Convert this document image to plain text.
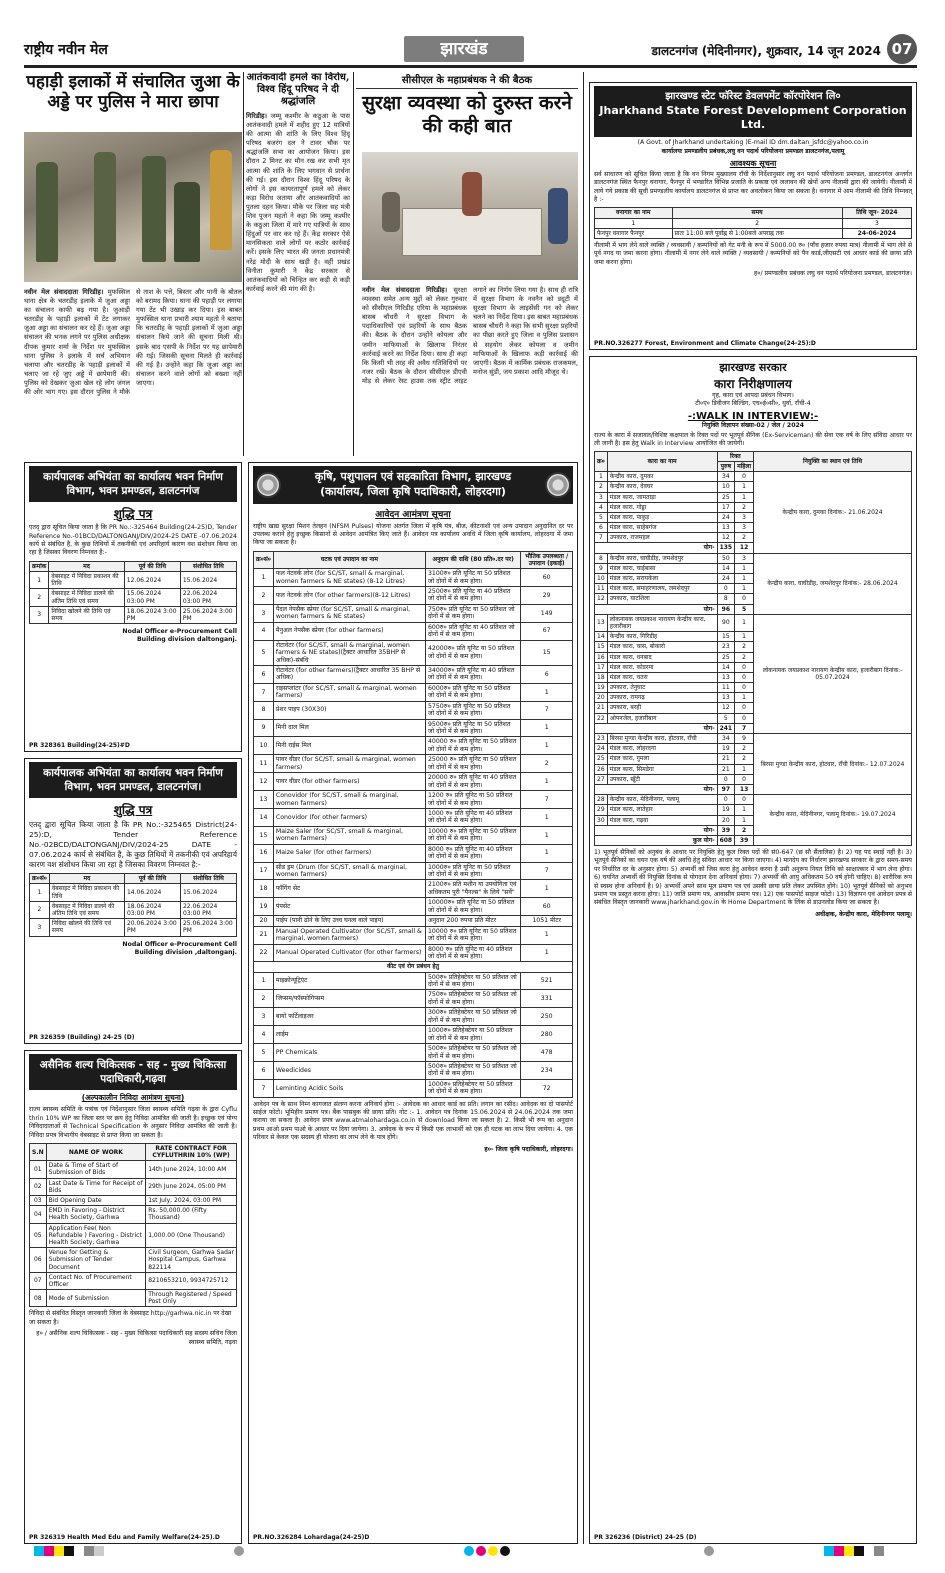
राष्ट्रीय नवीन मेल	झारखंड	डालटनगंज (मेदिनीनगर), शुक्रवार, 14 जून 2024 07
पहाड़ी इलाकों में संचालित जुआ के अड्डे पर पुलिस ने मारा छापा
नवीन मेल संवाददाता गिरिडीह। मुफस्सिल थाना क्षेत्र के चतरडीह इलाके में जुआ अड्डा का संचालन काफी बढ़ गया है। जुआड़ी चतरडीह के पहाड़ी इलाकों में टेंट लगाकर जुआ अड्डा का संचालन कर रहे हैं। जुआ अड्डा संचालन की भनक लगने पर पुलिस अधीक्षक दीपक कुमार शर्मा के निर्देश पर मुफस्सिल थाना पुलिस ने इलाके में सर्च अभियान चलाया और चतरडीह के पहाड़ी इलाकों में चलाए जा रहे जुए अड्डे में छापेमारी की। पुलिस को देखकर जुआ खेल रहे लोग जंगल की ओर भाग गए। इस दौरान पुलिस ने मौके से ताश के पत्ते, बिस्तर और पानी के बोतल को बरामद किया। थाना की पहाड़ी पर लगाया गया टेंट भी उखाड़ कर दिया। इस बाबत मुफस्सिल थाना प्रभारी श्याम महतो ने बताया कि चतरडीह के पहाड़ी इलाकों में जुआ अड्डा संचालन किये जाने की सूचना मिली थी। इसके बाद एसपी के निर्देश पर यह छापेमारी की गई। जिसकी सूचना मिलते ही कार्रवाई की गई है। उन्होंने कहा कि जुआ अड्डा का संचालन करने वाले लोगों को बख्शा नहीं जाएगा।
आतंकवादी हमले का विरोध, विश्व हिंदू परिषद ने दी श्रद्धांजलि
गिरिडीह। जम्मू कश्मीर के कठुआ के पास आतंकवादी हमले में शहीद हुए 12 यात्रियों की आत्मा की शांति के लिए विश्व हिंदू परिषद बजरंग दल ने टावर चौक पर श्रद्धांजलि सभा का आयोजन किया। इस दौरान 2 मिनट का मौन रख कर सभी मृत आत्मा की शांति के लिए भगवान से प्रार्थना की गई। इस दौरान विश्व हिंदू परिषद के लोगों ने इस कायरतापूर्ण हमले को लेकर कड़ा विरोध जताया और आतंकवादियों का पुतला दहन किया। मौके पर जिला सह मंत्री शिव पूजन महतो ने कहा कि जम्मू कश्मीर के कठुआ जिला में मारे गए यात्रियों के साथ हिंदुओं पर वार कर रहे हैं। केंद्र सरकार ऐसे मानसिकता वाले लोगों पर कठोर कार्रवाई करें। इसके लिए भारत की जनता प्रधानमंत्री नरेंद्र मोदी के साथ खड़ी है। वहीं प्रखंड विनीता कुमारी ने केंद्र सरकार से आतंकवादियों को चिन्हित कर कड़ी से कड़ी कार्रवाई करने की मांग की है।
सीसीएल के महाप्रबंधक ने की बैठक
सुरक्षा व्यवस्था को दुरुस्त करने की कही बात
नवीन मेल संवाददाता गिरिडीह। सुरक्षा व्यवस्था समेत अन्य मुद्दों को लेकर गुरुवार को सीसीएल गिरिडीह एरिया के महाप्रबंधक बासब चौधरी ने सुरक्षा विभाग के पदाधिकारियों एवं प्रहरियों के साथ बैठक की। बैठक के दौरान उन्होंने कोयला और जमीन माफियाओं के खिलाफ निरंतर कार्रवाई करने का निर्देश दिया। साथ ही कहा कि किसी भी तरह की अवैध गतिविधियों पर नजर रखें। बैठक के दौरान सीसीएल डीएवी मोड़ से लेकर रेस्ट हाउस तक स्ट्रीट लाइट लगाने का निर्णय लिया गया है। साथ ही रात्रि में सुरक्षा विभाग के नवनैन को ड्यूटी में सुरक्षा विभाग के लाइसेंसी गन को लेकर चलने का निर्देश दिया। इस बाबत महाप्रबंधक बासब चौधरी ने कहा कि सभी सुरक्षा प्रहरियों का पीछा करते हुए जिला व पुलिस प्रशासन से सहयोग लेकर कोयला व जमीन माफियाओं के खिलाफ कड़ी कार्रवाई की जाएगी। बैठक में कार्मिक प्रबंधक राजकमल, मनोज सुंडी, जय प्रकाश आदि मौजूद थे।
झारखण्ड स्टेट फॉरेस्ट डेवलपमेंट कॉरपोरेशन लि०
Jharkhand State Forest Development Corporation Ltd.
(A Govt. of Jharkhand undertaking )E-mail ID dm.daltan_jsfdc@yahoo.co.in
कार्यालयः प्रमण्डलीय प्रबंधक,लघु वन पदार्थ परियोजना प्रमण्डल डालटनगंज,पलामू
आवश्यक सूचना
सर्व साधारण को सूचित किया जाता है कि वन निगम मुख्यालय राँची के निर्देशानुसार लघु वन पदार्थ परियोजना प्रमण्डल, डालटनगंज अन्तर्गत डालटनगंज स्थित फैनपुर वनागार, फैनपुर में भण्डारित विभिन्न प्रजाति के प्रकाष्ठ एवं जलावन की खेपों अन्य नीलामी द्वारा की जायेगी। नीलामी में लाये गये प्रकाष्ठ की सूची प्रमण्डलीय कार्यालय डालटनगंज से प्राप्त कर अवलोकन किया जा सकता है। वनागार में आम नीलामी की तिथि निम्नवत् है :-
वनागार का नाम	समय	तिथि जून- 2024
1	2	3
फैनपुर वनागार फैनपुर	प्रातः 11:00 बजे पूर्वाह्न से 1:00बजे अपराह्न तक	24-06-2024
नीलामी में भाग लेने वाले व्यक्ति / व्यवसायी / कम्पनियों को गेट मनी के रूप में 5000.00 रु० (पाँच हजार रुपया मात्र) नीलामी में भाग लेने से पूर्व नगद या जमा करना होगा। नीलामी में नगर लेने वाले व्यक्ति / व्यवसायी / कम्पनियों को पैन कार्ड,जीएसटी एवं आधार कार्ड की छाया प्रति जमा करना होगा।
ह०/ प्रमण्डलीय प्रबंधक लघु वन पदार्थ परियोजना प्रमण्डल, डालटनगंज।
PR.NO.326277 Forest, Environment and Climate Change(24-25):D
झारखण्ड सरकार
कारा निरीक्षणालय
गृह, कारा एवं आपदा प्रबंधन विभाग।
टी०ए० डिवीजन बिल्डिंग, एच०ई०सी०, धुर्वा, राँची-4
-:WALK IN INTERVIEW:-
नियुक्ति विज्ञापन संख्या-02 / जेल / 2024
राज्य के कारा में सजावल/विशिष्ट कक्षपाल के रिक्त पदों पर भूतपूर्व सैनिक (Ex-Serviceman) की सेवा एक वर्ष के लिए संविदा आधार पर ली जानी है। इस हेतु Walk in Interview आयोजित की जायेगी।
क्र०	कारा का नाम	रिक्त		नियुक्ति का स्थान एवं तिथि
		पुरुष	महिला	
1	केन्द्रीय कारा, दुमका	34	0	केन्द्रीय कारा, दुमका दिनांक:- 21.06.2024
2	केन्द्रीय कारा, देवघर	10	1	
3	मंडल कारा, जामताड़ा	25	1	
4	मंडल कारा, गोड्डा	17	2	
5	मंडल कारा, पाकुड़	24	3	
6	मंडल कारा, साहेबगंज	13	3	
7	उपकारा, राजमहल	12	2	
योग-		135	12	
8	केन्द्रीय कारा, घाघीडीह, जमशेदपुर	50	3	केन्द्रीय कारा, घाघीडीह, जमशेदपुर दिनांक:- 28.06.2024
9	मंडल कारा, चाईबासा	14	1	
10	मंडल कारा, सरायकेला	24	1	
11	मंडल कारा, समाहरणालय, जमशेदपुर	0	1	
12	उपकारा, घाटशिला	8	0	
योग-		96	5	
13	लोकनायक जयप्रकाश नारायण केन्द्रीय कारा, हजारीबाग	90	1	लोकनायक जयप्रकाश नारायण केन्द्रीय कारा, हजारीबाग दिनांक:- 05.07.2024
14	केन्द्रीय कारा, गिरिडीह	15	1	
15	मंडल कारा, चास, बोकारो	23	2	
16	मंडल कारा, धनबाद	25	2	
17	मंडल कारा, कोडरमा	14	0	
18	मंडल कारा, चतरा	13	0	
19	उपकारा, तेनुघाट	11	0	
20	उपकारा, रामगढ़	13	1	
21	उपकारा, बरही	12	0	
22	ओपनजेल, हजारीबाग	5	0	
योग-		241	7	
23	बिरसा मुण्डा केन्द्रीय कारा, होटवार, राँची	34	9	बिरसा मुण्डा केन्द्रीय कारा, होटवार, राँची दिनांक:- 12.07.2024
24	मंडल कारा, लोहरदगा	19	2	
25	मंडल कारा, गुमला	21	2	
26	मंडल कारा, सिमडेगा	21	1	
27	उपकारा, खूँटी	0	0	
योग-		97	13	
28	केन्द्रीय कारा, मेदिनीनगर, पलामू	0	0	केन्द्रीय कारा, मेदिनीनगर, पलामू दिनांक:- 19.07.2024
29	मंडल कारा, लातेहार	19	1	
30	मंडल कारा, गढ़वा	20	1	
योग-		39	2	
कुल योग-		608	39	
1) भूतपूर्व सैनिकों को अनुबंध के आधार पर नियुक्ति हेतु कुल रिक्त पदों की सं0-647 (छ सौ सैंतालिस) है। 2) यह पद स्थाई नहीं है। 3) भूतपूर्व सैनिकों का चयन एक वर्ष की अवधि हेतु संविदा आधार पर किया जाएगा। 4) मानदेय का निर्धारण झारखण्ड सरकार के द्वारा समय-समय पर निर्धारित दर के अनुसार होगा। 5) अभ्यर्थी को जिस कारा हेतु आवेदन करना है उसी अनुरूप नियत तिथि को साक्षात्कार में भाग लेना होगा। 6) चयनित अभ्यर्थी की नियुक्ति दिनांक से योगदान देना अनिवार्य होगा। 7) अभ्यर्थी की आयु अधिकतम 50 वर्ष होनी चाहिए। 8) शारीरिक रूप से स्वस्थ होना अनिवार्य है। 9) अभ्यर्थी अपने साथ मूल प्रमाण पत्र एवं उसकी छाया प्रति लेकर उपस्थित होंगे। 10) भूतपूर्व सैनिकों को अनुभव प्रमाण पत्र प्रस्तुत करना होगा। 11) जाति प्रमाण पत्र, आवासीय प्रमाण पत्र। 12) एक पासपोर्ट साइज फोटो। 13) विज्ञापन एवं आवेदन प्रपत्र से संबंधित विस्तृत जानकारी www.jharkhand.gov.in के Home Department के लिंक से डाउनलोड किया जा सकता है।
अधीक्षक, केन्द्रीय कारा, मेदिनीनगर पलामू।
PR 326236 (District) 24-25 (D)
कार्यपालक अभियंता का कार्यालय भवन निर्माण विभाग, भवन प्रमण्डल, डालटनगंज
शुद्धि पत्र
एतद् द्वारा सूचित किया जाता है कि PR No.:-325464 Building(24-25)D, Tender Reference No.-01BCD/DALTONGANJ/DIV/2024-25 DATE -07.06.2024 कार्य से संबंधित है, के कुछ तिथियों में तकनीकी एवं अपरिहार्य कारण वश संशोधन किया जा रहा है जिसका विवरण निम्नवत है:-
क्रमांक	मद	पूर्व की तिथि	संशोधित तिथि
1	वेबसाइट में निविदा प्रकाशन की तिथि	12.06.2024	15.06.2024
2	वेबसाइट में निविदा डालने की अंतिम तिथि एवं समय	15.06.2024 03:00 PM	22.06.2024 03:00 PM
3	निविदा खोलने की तिथि एवं समय	18.06.2024 3:00 PM	25.06.2024 3:00 PM
Nodal Officer e-Procurement Cell
Building division daltonganj.
PR 328361 Building(24-25)#D
कार्यपालक अभियंता का कार्यालय भवन निर्माण विभाग, भवन प्रमण्डल, डालटनगंज।
शुद्धि पत्र
एतद् द्वारा सूचित किया जाता है कि PR No.:-325465 District(24-25):D, Tender Reference No.-02BCD/DALTONGANJ/DIV/2024-25 DATE - 07.06.2024 कार्य से संबंधित है, के कुछ तिथियों में तकनीकी एवं अपरिहार्य कारण वश संशोधन किया जा रहा है जिसका विवरण निम्नवत है:-
क्र०सं०	मद	पूर्व की तिथि	संशोधित तिथि
1	वेबसाइट में निविदा प्रकाशन की तिथि	14.06.2024	15.06.2024
2	वेबसाइट में निविदा डालने की अंतिम तिथि एवं समय	18.06.2024 03:00 PM	22.06.2024 03:00 PM
3	निविदा खोलने की तिथि एवं समय	20.06.2024 3:00 PM	25.06.2024 3:00 PM
Nodal Officer e-Procurement Cell
Building division ,daltonganj.
PR 326359 (Building) 24-25 (D)
असैनिक शल्य चिकित्सक - सह - मुख्य चिकित्सा पदाधिकारी,गढ़वा
(अल्पकालीन निविदा आमंत्रण सूचना)
राज्य स्वास्थ्य समिति के पत्रांक एवं निर्देशानुसार जिला स्वास्थ्य समिति गढ़वा के द्वारा Cyflu thrin 10% WP का जिला स्तर पर क्रय हेतु निविदा आमंत्रित की जाती है। इच्छुक एवं योग्य निविदादाताओं से Technical Specification के अनुसार निविदा आमंत्रित की जाती है। निविदा प्रपत्र विभागीय वेबसाइट से प्राप्त किया जा सकता है।
S.N	NAME OF WORK	RATE CONTRACT FOR CYFLUTHRIN 10% (WP)
01	Date & Time of Start of Submission of Bids	14th June 2024, 10:00 AM
02	Last Date & Time for Receipt of Bids	29th June 2024, 05:00 PM
03	Bid Opening Date	1st July, 2024, 03:00 PM
04	EMD in Favoring - District Health Society, Garhwa	Rs. 50,000.00 (Fifty Thousand)
05	Application Fee( Non Refundable ) Favoring - District Health Society, Garhwa	1,000.00 (One Thousand)
06	Venue for Getting & Submission of Tender Document	Civil Surgeon, Garhwa Sadar Hospital Campus, Garhwa 822114
07	Contact No. of Procurement Officer	8210653210, 9934725712
08	Mode of Submission	Through Registered / Speed Post Only
निविदा से संबंधित विस्तृत जानकारी जिला के वेबसाइट http://garhwa.nic.in पर देखा जा सकता है।
ह० / असैनिक शल्य चिकित्सक - सह - मुख्य चिकित्सा पदाधिकारी सह सदस्य सचिव जिला स्वास्थ्य समिति, गढ़वा
PR 326319 Health Med Edu and Family Welfare(24-25).D
कृषि, पशुपालन एवं सहकारिता विभाग, झारखण्ड
(कार्यालय, जिला कृषि पदाधिकारी, लोहरदगा)
आवेदन आमंत्रण सूचना
राष्ट्रीय खाद्य सुरक्षा मिशन तेलहन (NFSM Pulses) योजना अंतर्गत जिला में कृषि यंत्र, बीज, कीटनाशी एवं अन्य उपादान अनुदानित दर पर उपलब्ध कराने हेतु इच्छुक किसानों से आवेदन आमंत्रित किए जाते हैं। आवेदन पत्र कार्यालय अवधि में जिला कृषि कार्यालय, लोहरदगा में जमा किया जा सकता है।
क्र०सं०	घटक एवं उपादान का नाम	अनुदान की राशि (80 प्रति०.दर पर)	भौतिक उपलब्धता / उपादान (इकाई)
1	फल नेटवर्क लोन (for SC/ST, small & marginal, women farmers & NE states) (8-12 Litres)	3100रु० प्रति यूनिट या 50 प्रतिशत जो दोनों में से कम होगा।	60
2	फल नेटवर्क लोन (for other farmers)(8-12 Litres)	2500रु० प्रति यूनिट या 40 प्रतिशत जो दोनों में से कम होगा।	29
3	पैदल नेपसैक स्प्रेयर (for SC/ST, small & marginal, women farmers & NE states)	750रु० प्रति यूनिट या 50 प्रतिशत जो दोनों में से कम होगा।	149
4	मैनुअल नेपसैक स्प्रेयर (for other farmers)	600रु० प्रति यूनिट या 40 प्रतिशत जो दोनों में से कम होगा।	67
5	रोटावेटर (for SC/ST, small & marginal, women farmers & NE states)(ट्रैक्टर आधारित 35BHP से अधिक)-संबंधि	42000रु० प्रति यूनिट या 50 प्रतिशत जो दोनों में से कम होगा।	15
6	रोटावेटर (for other farmers)(ट्रैक्टर आधारित 35 BHP से अधिक)	34000रु० प्रति यूनिट या 40 प्रतिशत जो दोनों में से कम होगा।	6
7	राइसप्लांटर (for SC/ST, small & marginal, women farmers)	6000रु० प्रति यूनिट या 50 प्रतिशत जो दोनों में से कम होगा।	1
8	प्रेशर पाइप (30X30)	5750रु० प्रति यूनिट या 50 प्रतिशत जो दोनों में से कम होगा।	7
9	मिनी दाल मिल	9500रु० प्रति यूनिट या 50 प्रतिशत जो दोनों में से कम होगा।	1
10	मिनी राईस मिल	40000 रु० प्रति यूनिट या 50 प्रतिशत जो दोनों में से कम होगा।	1
11	पावर वीडर (for SC/ST, small & marginal, women farmers)	25000 रु० प्रति यूनिट या 50 प्रतिशत जो दोनों में से कम होगा।	2
12	पावर वीडर (for other farmers)	20000 रु० प्रति यूनिट या 40 प्रतिशत जो दोनों में से कम होगा।	1
13	Conovidor (for SC/ST, small & marginal, women farmers)	1200 रु० प्रति यूनिट या 50 प्रतिशत जो दोनों में से कम होगा।	7
14	Conovidor (for other farmers)	1000 रु० प्रति यूनिट या 40 प्रतिशत जो दोनों में से कम होगा।	1
15	Maize Saler (for SC/ST, small & marginal, women farmers)	10000 रु० प्रति यूनिट या 50 प्रतिशत जो दोनों में से कम होगा।	1
16	Maize Saler (for other farmers)	8000 रु० प्रति यूनिट या 40 प्रतिशत जो दोनों में से कम होगा।	1
17	सीड ड्रम (Drum (for SC/ST, small & marginal, women farmers)	1000रु० प्रति यूनिट या 50 प्रतिशत जो दोनों में से कम होगा।	7
18	फॉगिंग सेट	2100रु० प्रति मशीन या उपयोगिता एवं अधिकतम पूरी "पैनल्स" के लिये "सर्वे"	1
19	पंपसेट	10000रु० प्रति यूनिट या 50 प्रतिशत जो दोनों में से कम होगा।	60
20	पाईप (पानी ढोने के लिए उच्च घनत्व वाले पाइप)	अनुदान 200 रुपया प्रति मीटर	1051 मीटर
21	Manual Operated Cultivator (for SC/ST, small & marginal, women farmers)	10000 रु० प्रति यूनिट या 50 प्रतिशत जो दोनों में से कम होगा।	1
22	Manual Operated Cultivator (for other farmers)	8000 रु० प्रति यूनिट या 40 प्रतिशत जो दोनों में से कम होगा।	1
कीट एवं रोग प्रबंधन हेतु			
1	माइक्रोन्यूट्रिएंट	500रु० प्रतिहेक्टेयर या 50 प्रतिशत जो दोनों में से कम होगा।	521
2	जिप्सम/फॉस्फोगिप्सम	750रु० प्रतिहेक्टेयर या 50 प्रतिशत जो दोनों में से कम होगा।	331
3	बायो फर्टिलाइजर	300रु० प्रतिहेक्टेयर या 50 प्रतिशत जो दोनों में से कम होगा।	250
4	लाईम	1000रु० प्रतिहेक्टेयर या 50 प्रतिशत जो दोनों में से कम होगा।	280
5	PP Chemicals	500रु० प्रतिहेक्टेयर या 50 प्रतिशत जो दोनों में से कम होगा।	478
6	Weedicides	500रु० प्रतिहेक्टेयर या 50 प्रतिशत जो दोनों में से कम होगा।	234
7	Leminting Acidic Soils	1000रु० प्रतिहेक्टेयर या 50 प्रतिशत जो दोनों में से कम होगा।	72
आवेदन पत्र के साथ निम्न कागजात संलग्न करना अनिवार्य होगा :- आवेदक का आधार कार्ड का प्रति। लगान का रसीद। आवेदक का दो पासपोर्ट साईज फोटो। भूमिहीन प्रमाण पत्र। बैंक पासबुक की छाया प्रति। नोट :- 1. आवेदन पत्र दिनांक 15.06.2024 से 24.06.2024 तक जमा कराया जा सकता है। आवेदन प्रपत्र www.atmalohardaga.co.in से download किया जा सकता है। 2. किसी भी रूप का अनुदान प्रथम आओ प्रथम पाओ के आधार पर दिया जायेगा। 3. आवेदक के रूप में किसी एक लाभार्थी को एक ही घटक का लाभ दिया जायेगा। 4. एक परिवार से केवल एक सदस्य ही योजना का लाभ लेने के पात्र होंगे।
ह०- जिला कृषि पदाधिकारी, लोहरदगा।
PR.NO.326284 Lohardaga(24-25)D
